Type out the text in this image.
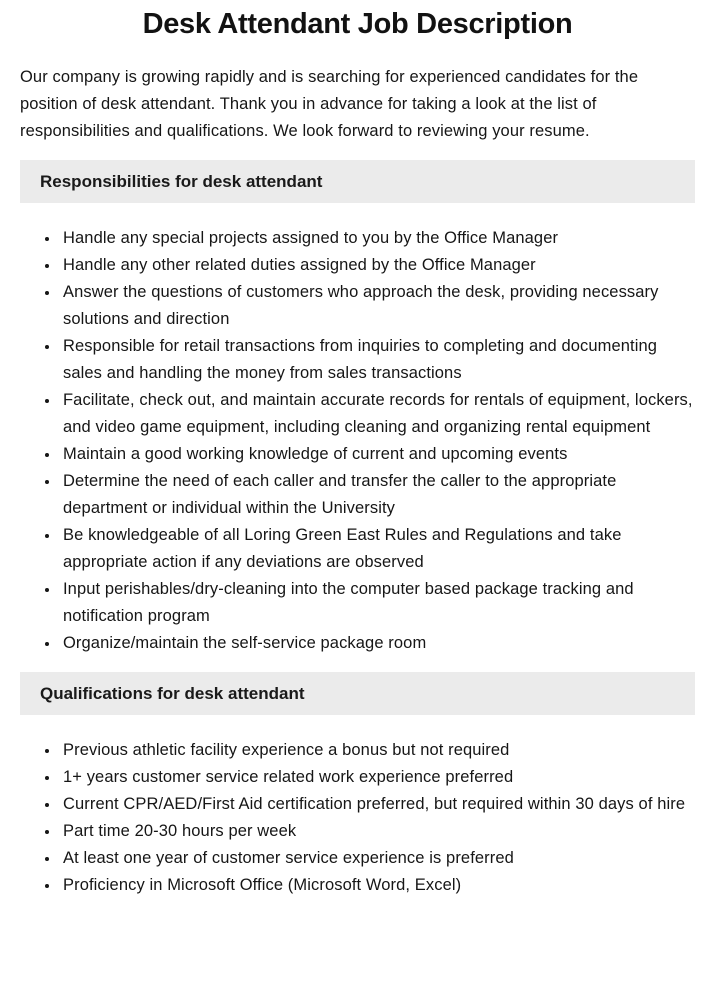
Desk Attendant Job Description

Our company is growing rapidly and is searching for experienced candidates for the position of desk attendant. Thank you in advance for taking a look at the list of responsibilities and qualifications. We look forward to reviewing your resume.

Responsibilities for desk attendant
• Handle any special projects assigned to you by the Office Manager
• Handle any other related duties assigned by the Office Manager
• Answer the questions of customers who approach the desk, providing necessary solutions and direction
• Responsible for retail transactions from inquiries to completing and documenting sales and handling the money from sales transactions
• Facilitate, check out, and maintain accurate records for rentals of equipment, lockers, and video game equipment, including cleaning and organizing rental equipment
• Maintain a good working knowledge of current and upcoming events
• Determine the need of each caller and transfer the caller to the appropriate department or individual within the University
• Be knowledgeable of all Loring Green East Rules and Regulations and take appropriate action if any deviations are observed
• Input perishables/dry-cleaning into the computer based package tracking and notification program
• Organize/maintain the self-service package room
Qualifications for desk attendant
• Previous athletic facility experience a bonus but not required
• 1+ years customer service related work experience preferred
• Current CPR/AED/First Aid certification preferred, but required within 30 days of hire
• Part time 20-30 hours per week
• At least one year of customer service experience is preferred
• Proficiency in Microsoft Office (Microsoft Word, Excel)
